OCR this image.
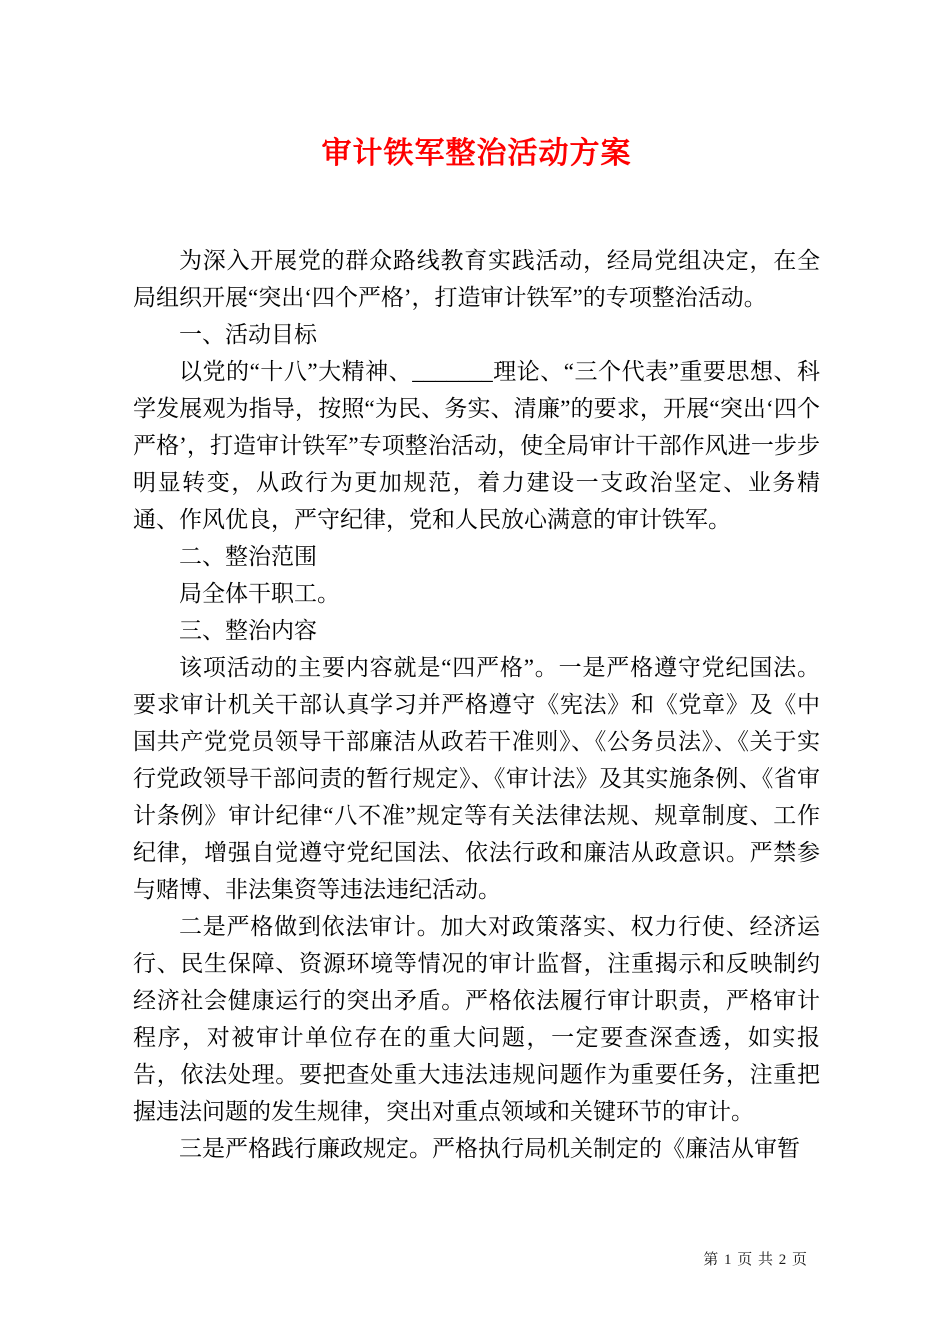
审计铁军整治活动方案

为深入开展党的群众路线教育实践活动，经局党组决定，在全局组织开展“突出‘四个严格’，打造审计铁军”的专项整治活动。

一、活动目标

以党的“十八”大精神、_______理论、“三个代表”重要思想、科学发展观为指导，按照“为民、务实、清廉”的要求，开展“突出‘四个严格’，打造审计铁军”专项整治活动，使全局审计干部作风进一步步明显转变，从政行为更加规范，着力建设一支政治坚定、业务精通、作风优良，严守纪律，党和人民放心满意的审计铁军。

二、整治范围

局全体干职工。

三、整治内容

该项活动的主要内容就是“四严格”。一是严格遵守党纪国法。要求审计机关干部认真学习并严格遵守《宪法》和《党章》及《中国共产党党员领导干部廉洁从政若干准则》、《公务员法》、《关于实行党政领导干部问责的暂行规定》、《审计法》及其实施条例、《省审计条例》审计纪律“八不准”规定等有关法律法规、规章制度、工作纪律，增强自觉遵守党纪国法、依法行政和廉洁从政意识。严禁参与赌博、非法集资等违法违纪活动。

二是严格做到依法审计。加大对政策落实、权力行使、经济运行、民生保障、资源环境等情况的审计监督，注重揭示和反映制约经济社会健康运行的突出矛盾。严格依法履行审计职责，严格审计程序，对被审计单位存在的重大问题，一定要查深查透，如实报告，依法处理。要把查处重大违法违规问题作为重要任务，注重把握违法问题的发生规律，突出对重点领域和关键环节的审计。

三是严格践行廉政规定。严格执行局机关制定的《廉洁从审暂

第 1 页 共 2 页
